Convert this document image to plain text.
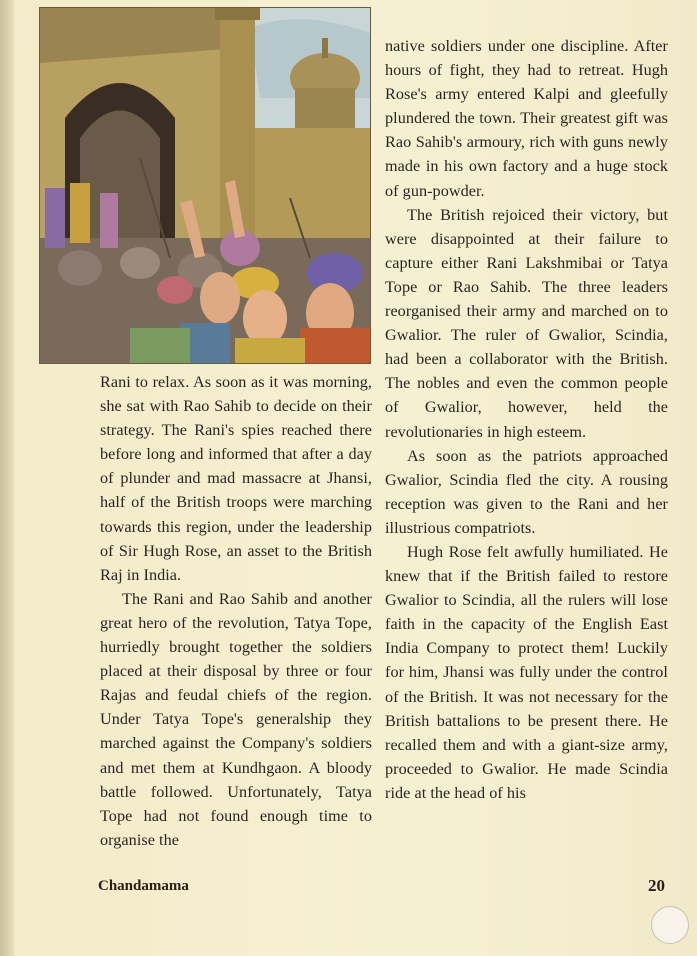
Rani to relax. As soon as it was morning, she sat with Rao Sahib to decide on their strategy. The Rani's spies reached there before long and informed that after a day of plunder and mad massacre at Jhansi, half of the British troops were marching towards this region, under the leadership of Sir Hugh Rose, an asset to the British Raj in India.

The Rani and Rao Sahib and another great hero of the revolution, Tatya Tope, hurriedly brought together the soldiers placed at their disposal by three or four Rajas and feudal chiefs of the region. Under Tatya Tope's generalship they marched against the Company's soldiers and met them at Kundhgaon. A bloody battle followed. Unfortunately, Tatya Tope had not found enough time to organise the

native soldiers under one discipline. After hours of fight, they had to retreat. Hugh Rose's army entered Kalpi and gleefully plundered the town. Their greatest gift was Rao Sahib's armoury, rich with guns newly made in his own factory and a huge stock of gun-powder.

The British rejoiced their victory, but were disappointed at their failure to capture either Rani Lakshmibai or Tatya Tope or Rao Sahib. The three leaders reorganised their army and marched on to Gwalior. The ruler of Gwalior, Scindia, had been a collaborator with the British. The nobles and even the common people of Gwalior, however, held the revolutionaries in high esteem.

As soon as the patriots approached Gwalior, Scindia fled the city. A rousing reception was given to the Rani and her illustrious compatriots.

Hugh Rose felt awfully humiliated. He knew that if the British failed to restore Gwalior to Scindia, all the rulers will lose faith in the capacity of the English East India Company to protect them! Luckily for him, Jhansi was fully under the control of the British. It was not necessary for the British battalions to be present there. He recalled them and with a giant-size army, proceeded to Gwalior. He made Scindia ride at the head of his

Chandamama	20
